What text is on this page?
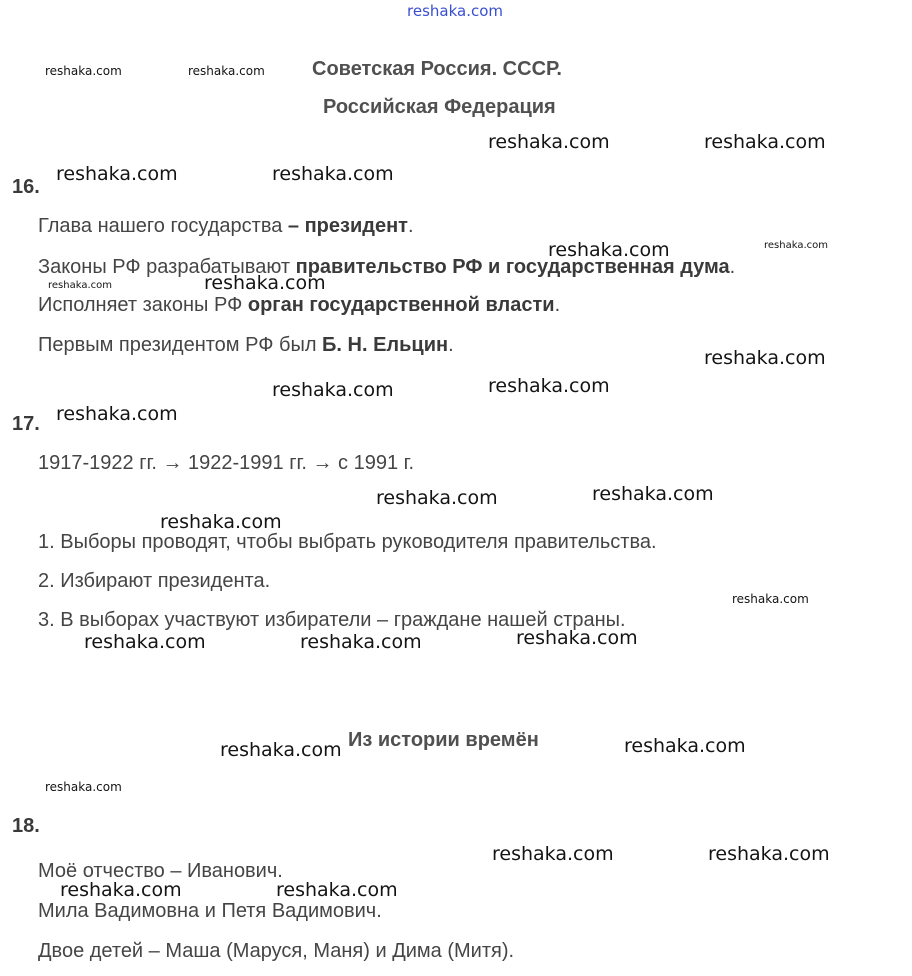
reshaka.com
Советская Россия. СССР.
Российская Федерация
16.
Глава нашего государства – президент.
Законы РФ разрабатывают правительство РФ и государственная дума.
Исполняет законы РФ орган государственной власти.
Первым президентом РФ был Б. Н. Ельцин.
17.
1917-1922 гг. → 1922-1991 гг. → с 1991 г.
1. Выборы проводят, чтобы выбрать руководителя правительства.
2. Избирают президента.
3. В выборах участвуют избиратели – граждане нашей страны.
Из истории времён
18.
Моё отчество – Иванович.
Мила Вадимовна и Петя Вадимович.
Двое детей – Маша (Маруся, Маня) и Дима (Митя).
reshaka.com	reshaka.com
reshaka.com
reshaka.com
reshaka.com
reshaka.com
reshaka.com	reshaka.com
reshaka.com	reshaka.com
reshaka.com
reshaka.com
reshaka.com
reshaka.com	reshaka.com
reshaka.com
reshaka.com	reshaka.com
reshaka.com
reshaka.com	reshaka.com	reshaka.com
reshaka.com	reshaka.com
reshaka.com	reshaka.com
reshaka.com	reshaka.com
